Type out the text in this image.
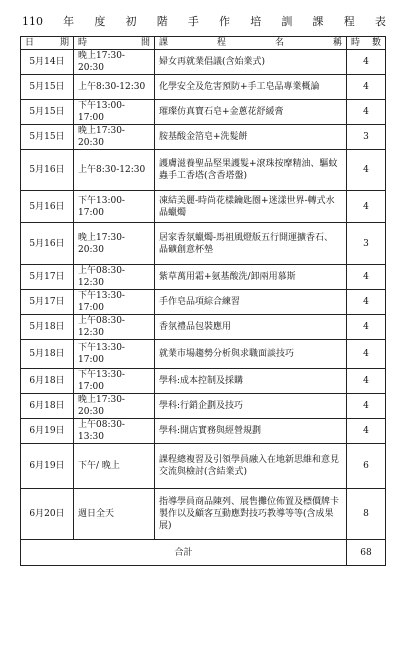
110 年 度 初 階 手 作 培 訓 課 程 表
日 期	時 間	課 程 名 稱	時 數

5月14日	晚上17:30-20:30	婦女再就業倡議(含始業式)	4
5月15日	上午8:30-12:30	化學安全及危害預防+手工皂品專業概論	4
5月15日	下午13:00-17:00	璀璨仿真寶石皂+金蔥花舒緩膏	4
5月15日	晚上17:30-20:30	胺基酸金箔皂+洗髮餅	3
5月16日	上午8:30-12:30	護膚滋養聖品堅果護髮+滾珠按摩精油、驅蚊蟲手工香塔(含香塔盤)	4
5月16日	下午13:00-17:00	凍結美麗-時尚花樣鑰匙圈+迷漾世界-轉式水晶蠟燭	4
5月16日	晚上17:30-20:30	居家香氛蠟燭-馬祖風燈版五行開運擴香石、晶礦創意杯墊	3
5月17日	上午08:30-12:30	紫草萬用霜+氨基酸洗/卸兩用慕斯	4
5月17日	下午13:30-17:00	手作皂品項綜合練習	4
5月18日	上午08:30-12:30	香氛禮品包裝應用	4
5月18日	下午13:30-17:00	就業市場趨勢分析與求職面談技巧	4
6月18日	下午13:30-17:00	學科:成本控制及採購	4
6月18日	晚上17:30-20:30	學科:行銷企劃及技巧	4
6月19日	上午08:30-13:30	學科:開店實務與經營規劃	4
6月19日	下午/ 晚上	課程總複習及引領學員融入在地新思維和意見交流與檢討(含結業式)	6
6月20日	週日全天	指導學員商品陳列、展售攤位佈置及標價牌卡製作以及顧客互動應對技巧教導等等(含成果展)	8
合計			68
